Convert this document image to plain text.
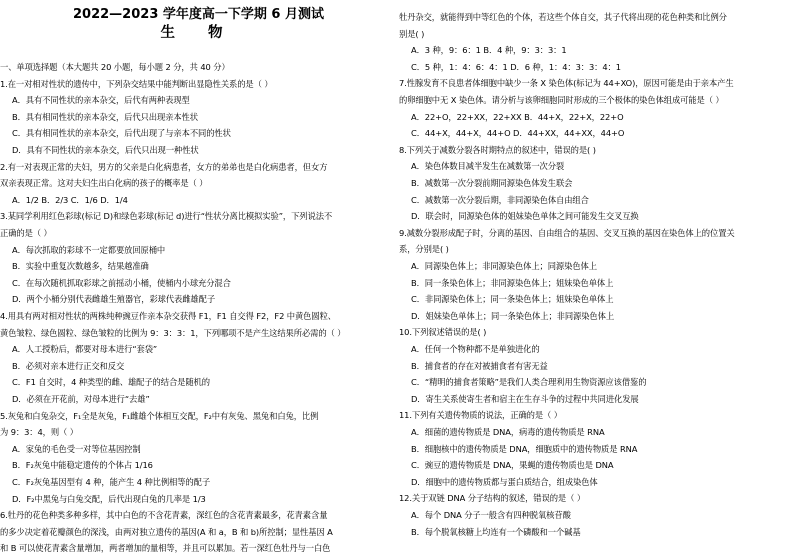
2022—2023 学年度高一下学期 6 月测试
生 物
一、单项选择题（本大题共 20 小题，每小题 2 分，共 40 分）
1.在一对相对性状的遗传中，下列杂交结果中能判断出显隐性关系的是（ ）
A．具有不同性状的亲本杂交，后代有两种表现型
B．具有相同性状的亲本杂交，后代只出现亲本性状
C．具有相同性状的亲本杂交，后代出现了与亲本不同的性状
D．具有不同性状的亲本杂交，后代只出现一种性状
2.有一对表现正常的夫妇，男方的父亲是白化病患者，女方的弟弟也是白化病患者，但女方
双亲表现正常。这对夫妇生出白化病的孩子的概率是（ ）
A．1/2 B．2/3 C．1/6 D．1/4
3.某同学利用红色彩球(标记 D)和绿色彩球(标记 d)进行“性状分离比模拟实验”，下列说法不
正确的是（ ）
A．每次抓取的彩球不一定都要放回原桶中
B．实验中重复次数越多，结果越准确
C．在每次随机抓取彩球之前摇动小桶，使桶内小球充分混合
D．两个小桶分别代表雌雄生殖器官，彩球代表雌雄配子
4.用具有两对相对性状的两株纯种豌豆作亲本杂交获得 F1，F1 自交得 F2，F2 中黄色圆粒、
黄色皱粒、绿色圆粒、绿色皱粒的比例为 9：3：3：1，下列哪项不是产生这结果所必需的（ ）
A．人工授粉后，都要对母本进行“套袋”
B．必须对亲本进行正交和反交
C．F1 自交时，4 种类型的雌、雄配子的结合是随机的
D．必须在开花前，对母本进行“去雄”
5.灰兔和白兔杂交，F₁全是灰兔，F₁雌雄个体相互交配，F₂中有灰兔、黑兔和白兔，比例
为 9：3：4，则（ ）
A．家兔的毛色受一对等位基因控制
B．F₂灰兔中能稳定遗传的个体占 1/16
C．F₂灰兔基因型有 4 种，能产生 4 种比例相等的配子
D．F₂中黑兔与白兔交配，后代出现白兔的几率是 1/3
6.牡丹的花色种类多种多样，其中白色的不含花青素，深红色的含花青素最多，花青素含量
的多少决定着花瓣颜色的深浅，由两对独立遗传的基因(A 和 a，B 和 b)所控制；显性基因 A
和 B 可以使花青素含量增加，两者增加的量相等，并且可以累加。若一深红色牡丹与一白色
牡丹杂交，就能得到中等红色的个体，若这些个体自交，其子代将出现的花色种类和比例分
别是( )
A．3 种，9：6：1 B．4 种，9：3：3：1
C．5 种，1：4：6：4：1 D．6 种，1：4：3：3：4：1
7.性腺发育不良患者体细胞中缺少一条 X 染色体(标记为 44+XO)，原因可能是由于亲本产生
的卵细胞中无 X 染色体。请分析与该卵细胞同时形成的三个极体的染色体组成可能是（ ）
A．22+O，22+XX，22+XX B．44+X，22+X，22+O
C．44+X，44+X，44+O D．44+XX，44+XX，44+O
8.下列关于减数分裂各时期特点的叙述中，错误的是( )
A．染色体数目减半发生在减数第一次分裂
B．减数第一次分裂前期同源染色体发生联会
C．减数第一次分裂后期，非同源染色体自由组合
D．联会时，同源染色体的姐妹染色单体之间可能发生交叉互换
9.减数分裂形成配子时，分离的基因、自由组合的基因、交叉互换的基因在染色体上的位置关
系，分别是( )
A．同源染色体上；非同源染色体上；同源染色体上
B．同一条染色体上；非同源染色体上；姐妹染色单体上
C．非同源染色体上；同一条染色体上；姐妹染色单体上
D．姐妹染色单体上；同一条染色体上；非同源染色体上
10.下列叙述错误的是( )
A．任何一个物种都不是单独进化的
B．捕食者的存在对被捕食者有害无益
C．“精明的捕食者策略”是我们人类合理利用生物资源应该借鉴的
D．寄生关系使寄生者和宿主在生存斗争的过程中共同进化发展
11.下列有关遗传物质的说法，正确的是（ ）
A．细菌的遗传物质是 DNA，病毒的遗传物质是 RNA
B．细胞核中的遗传物质是 DNA，细胞质中的遗传物质是 RNA
C．豌豆的遗传物质是 DNA，果蝇的遗传物质也是 DNA
D．细胞中的遗传物质都与蛋白质结合，组成染色体
12.关于双链 DNA 分子结构的叙述，错误的是（ ）
A．每个 DNA 分子一般含有四种脱氧核苷酸
B．每个脱氧核糖上均连有一个磷酸和一个碱基
